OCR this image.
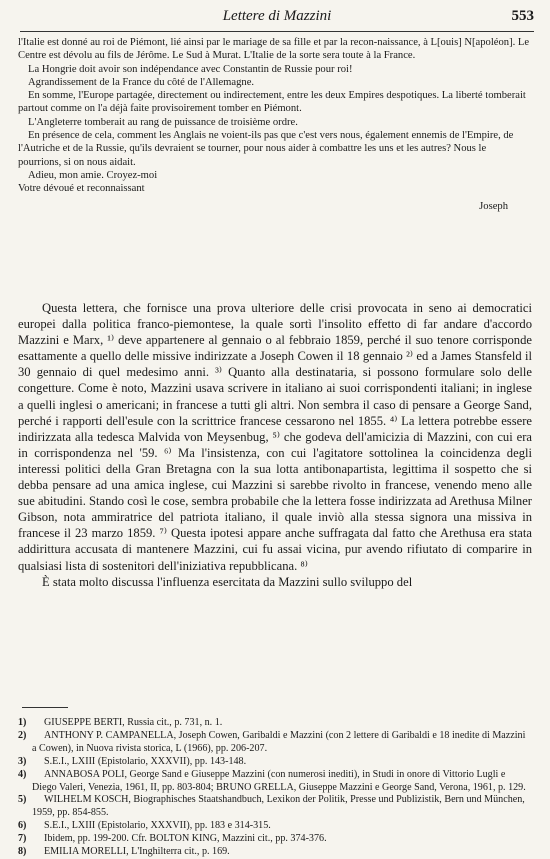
Lettere di Mazzini	553

l'Italie est donné au roi de Piémont, lié ainsi par le mariage de sa fille et par la recon-naissance, à L[ouis] N[apoléon]. Le Centre est dévolu au fils de Jérôme. Le Sud à Murat. L'Italie de la sorte sera toute à la France.

La Hongrie doit avoir son indépendance avec Constantin de Russie pour roi!

Agrandissement de la France du côté de l'Allemagne.

En somme, l'Europe partagée, directement ou indirectement, entre les deux Empires despotiques. La liberté tomberait partout comme on l'a déjà faite provisoirement tomber en Piémont.

L'Angleterre tomberait au rang de puissance de troisième ordre.

En présence de cela, comment les Anglais ne voient-ils pas que c'est vers nous, également ennemis de l'Empire, de l'Autriche et de la Russie, qu'ils devraient se tourner, pour nous aider à combattre les uns et les autres? Nous le pourrions, si on nous aidait.

Adieu, mon amie. Croyez-moi

Votre dévoué et reconnaissant

Joseph

Questa lettera, che fornisce una prova ulteriore delle crisi provocata in seno ai democratici europei dalla politica franco-piemontese, la quale sortì l'insolito effetto di far andare d'accordo Mazzini e Marx, ¹⁾ deve appartenere al gennaio o al febbraio 1859, perché il suo tenore corrisponde esattamente a quello delle missive indirizzate a Joseph Cowen il 18 gennaio ²⁾ ed a James Stansfeld il 30 gennaio di quel medesimo anni. ³⁾ Quanto alla destinataria, si possono formulare solo delle congetture. Come è noto, Mazzini usava scrivere in italiano ai suoi corrispondenti italiani; in inglese a quelli inglesi o americani; in francese a tutti gli altri. Non sembra il caso di pensare a George Sand, perché i rapporti dell'esule con la scrittrice francese cessarono nel 1855. ⁴⁾ La lettera potrebbe essere indirizzata alla tedesca Malvida von Meysenbug, ⁵⁾ che godeva dell'amicizia di Mazzini, con cui era in corrispondenza nel '59. ⁶⁾ Ma l'insistenza, con cui l'agitatore sottolinea la coincidenza degli interessi politici della Gran Bretagna con la sua lotta antibonapartista, legittima il sospetto che si debba pensare ad una amica inglese, cui Mazzini si sarebbe rivolto in francese, venendo meno alle sue abitudini. Stando così le cose, sembra probabile che la lettera fosse indirizzata ad Arethusa Milner Gibson, nota ammiratrice del patriota italiano, il quale inviò alla stessa signora una missiva in francese il 23 marzo 1859. ⁷⁾ Questa ipotesi appare anche suffragata dal fatto che Arethusa era stata addirittura accusata di mantenere Mazzini, cui fu assai vicina, pur avendo rifiutato di comparire in qualsiasi lista di sostenitori dell'iniziativa repubblicana. ⁸⁾

È stata molto discussa l'influenza esercitata da Mazzini sullo sviluppo del

1) GIUSEPPE BERTI, Russia cit., p. 731, n. 1.

2) ANTHONY P. CAMPANELLA, Joseph Cowen, Garibaldi e Mazzini (con 2 lettere di Garibaldi e 18 inedite di Mazzini a Cowen), in Nuova rivista storica, L (1966), pp. 206-207.

3) S.E.I., LXIII (Epistolario, XXXVII), pp. 143-148.

4) ANNABOSA POLI, George Sand e Giuseppe Mazzini (con numerosi inediti), in Studi in onore di Vittorio Lugli e Diego Valeri, Venezia, 1961, II, pp. 803-804; BRUNO GRELLA, Giuseppe Mazzini e George Sand, Verona, 1961, p. 129.

5) WILHELM KOSCH, Biographisches Staatshandbuch, Lexikon der Politik, Presse und Publizistik, Bern und München, 1959, pp. 854-855.

6) S.E.I., LXIII (Epistolario, XXXVII), pp. 183 e 314-315.

7) Ibidem, pp. 199-200. Cfr. BOLTON KING, Mazzini cit., pp. 374-376.

8) EMILIA MORELLI, L'Inghilterra cit., p. 169.
